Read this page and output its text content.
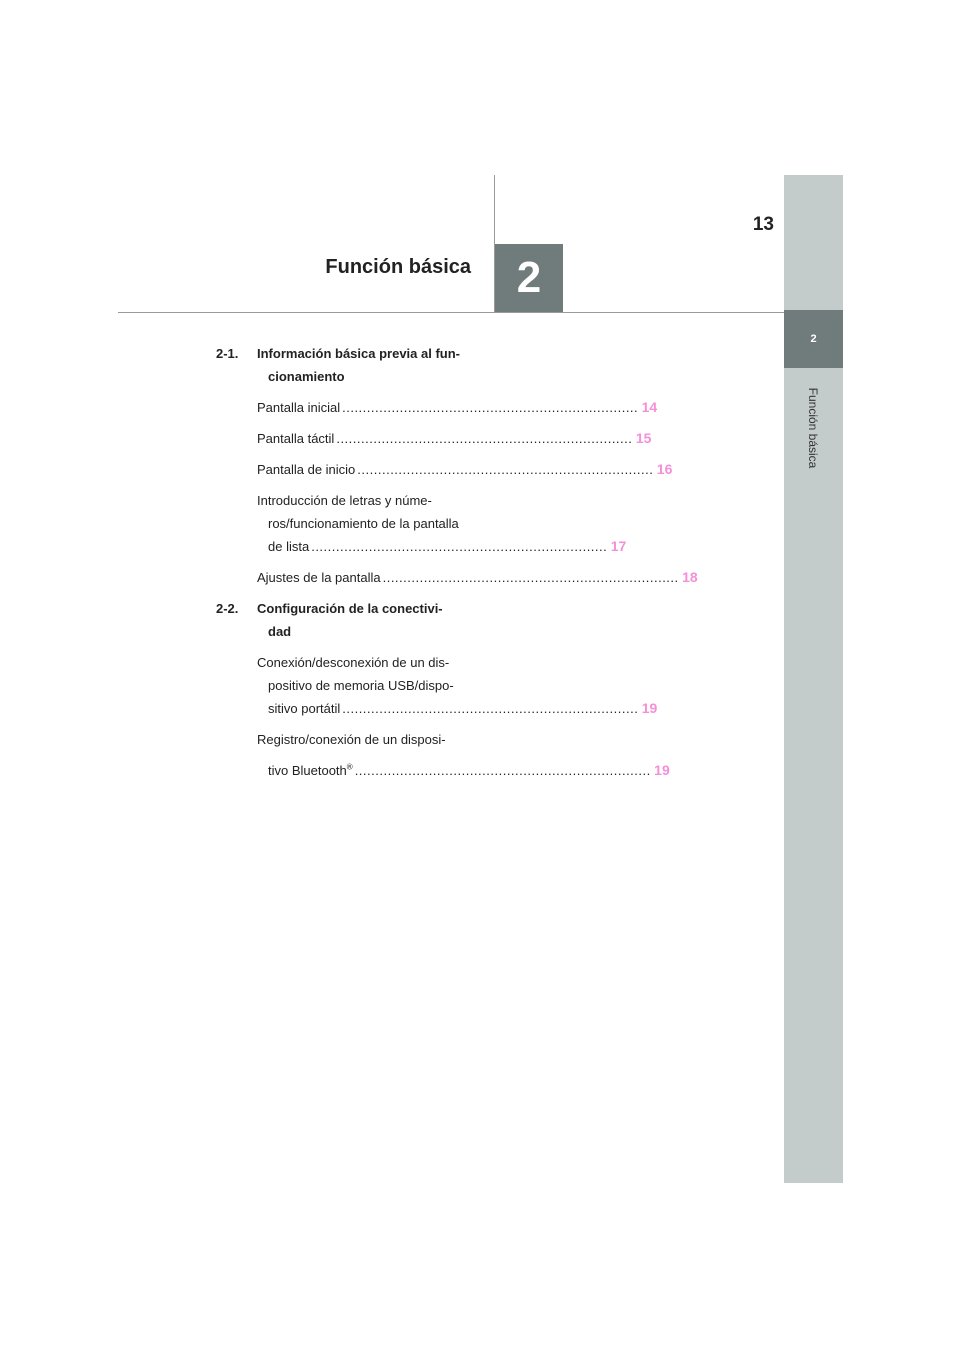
Función básica	2
13
2
Función básica
2-1.	Información básica previa al fun-
cionamiento
Pantalla inicial ........................................................................ 14
Pantalla táctil ........................................................................ 15
Pantalla de inicio ........................................................................ 16
Introducción de letras y núme-
ros/funcionamiento de la pantalla
de lista ........................................................................ 17
Ajustes de la pantalla ........................................................................ 18
2-2.	Configuración de la conectivi-
dad
Conexión/desconexión de un dis-
positivo de memoria USB/dispo-
sitivo portátil ........................................................................ 19
Registro/conexión de un disposi-
tivo Bluetooth® ........................................................................ 19
